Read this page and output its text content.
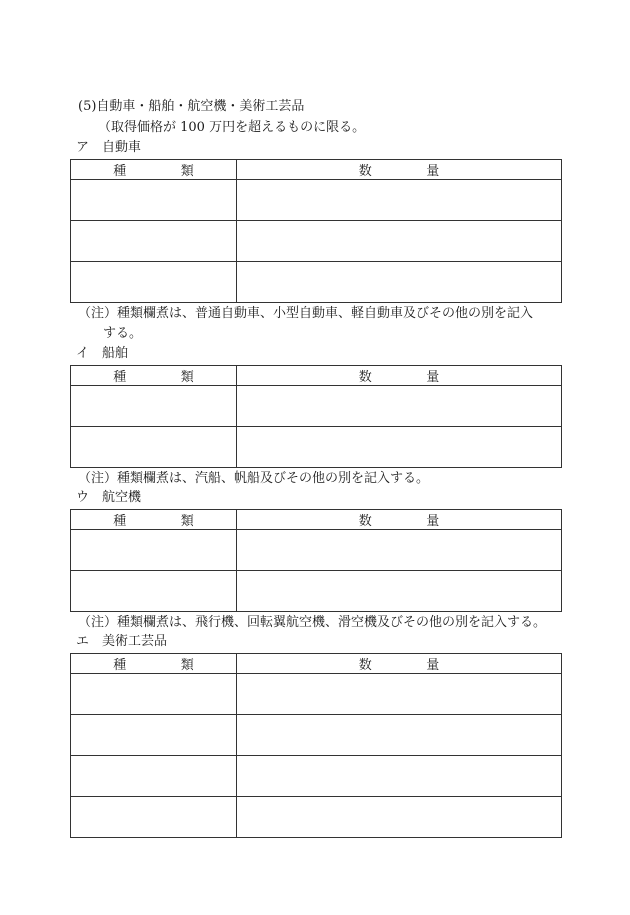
(5)自動車・船舶・航空機・美術工芸品
（取得価格が 100 万円を超えるものに限る。
ア　自動車
種　類	数　量

（注）種類欄煮は、普通自動車、小型自動車、軽自動車及びその他の別を記入
する。
イ　船舶
種　類	数　量

（注）種類欄煮は、汽船、帆船及びその他の別を記入する。
ウ　航空機
種　類	数　量

（注）種類欄煮は、飛行機、回転翼航空機、滑空機及びその他の別を記入する。
エ　美術工芸品
種　類	数　量
